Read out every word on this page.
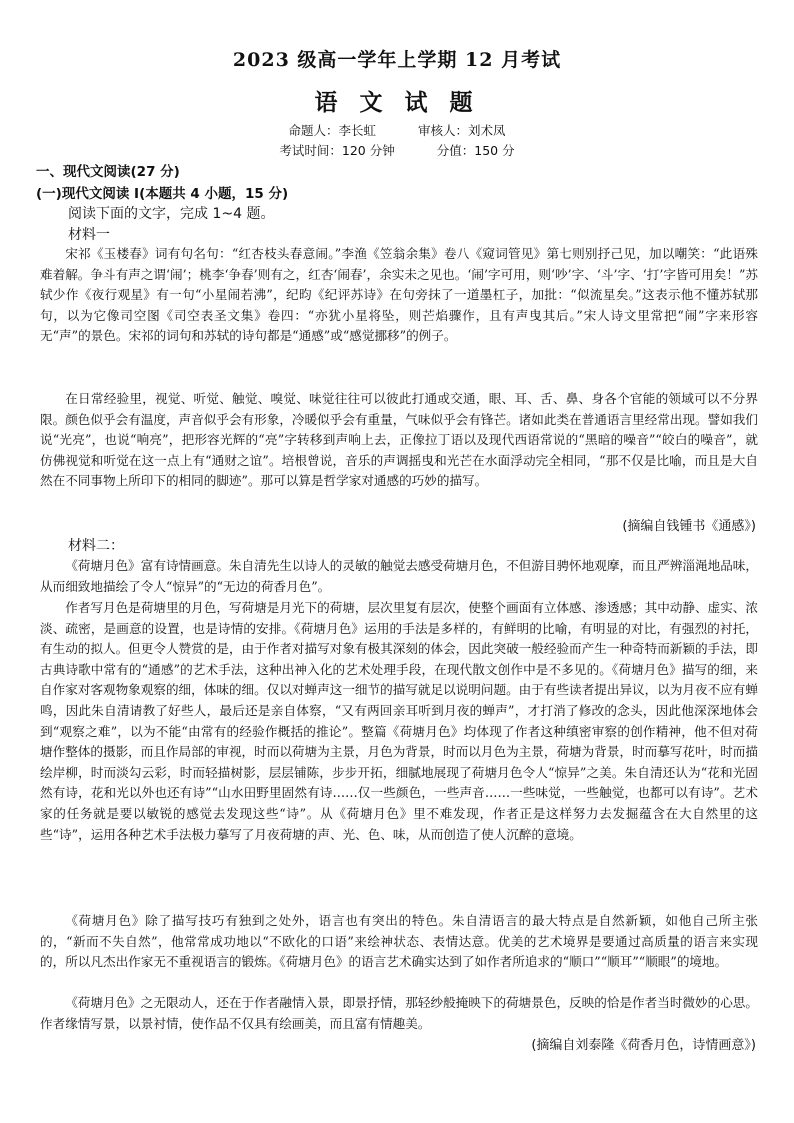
2023 级高一学年上学期 12 月考试
语 文 试 题
命题人：李长虹	审核人：刘术凤
考试时间：120 分钟	分值：150 分
一、现代文阅读(27 分)
(一)现代文阅读 I(本题共 4 小题，15 分)
阅读下面的文字，完成 1~4 题。
材料一

宋祁《玉楼春》词有句名句：“红杏枝头春意闹。”李渔《笠翁余集》卷八《窥词管见》第七则别抒己见，加以嘲笑：“此语殊难着解。争斗有声之谓‘闹’；桃李‘争春’则有之，红杏‘闹春’，余实未之见也。‘闹’字可用，则‘吵’字、‘斗’字、‘打’字皆可用矣！”苏轼少作《夜行观星》有一句“小星闹若沸”，纪昀《纪评苏诗》在句旁抹了一道墨杠子，加批：“似流星矣。”这表示他不懂苏轼那句，以为它像司空图《司空表圣文集》卷四：“亦犹小星将坠，则芒焰骤作，且有声曳其后。”宋人诗文里常把“闹”字来形容无“声”的景色。宋祁的词句和苏轼的诗句都是“通感”或“感觉挪移”的例子。

在日常经验里，视觉、听觉、触觉、嗅觉、味觉往往可以彼此打通或交通，眼、耳、舌、鼻、身各个官能的领域可以不分界限。颜色似乎会有温度，声音似乎会有形象，冷暖似乎会有重量，气味似乎会有锋芒。诸如此类在普通语言里经常出现。譬如我们说“光亮”，也说“响亮”，把形容光辉的“亮”字转移到声响上去，正像拉丁语以及现代西语常说的“黑暗的噪音”“皎白的噪音”，就仿佛视觉和听觉在这一点上有“通财之谊”。培根曾说，音乐的声调摇曳和光芒在水面浮动完全相同，“那不仅是比喻，而且是大自然在不同事物上所印下的相同的脚迹”。那可以算是哲学家对通感的巧妙的描写。

(摘编自钱锺书《通感》)
材料二：

《荷塘月色》富有诗情画意。朱自清先生以诗人的灵敏的触觉去感受荷塘月色，不但游目骋怀地观摩，而且严辨淄渑地品味，从而细致地描绘了令人“惊异”的“无边的荷香月色”。

作者写月色是荷塘里的月色，写荷塘是月光下的荷塘，层次里复有层次，使整个画面有立体感、渗透感；其中动静、虚实、浓淡、疏密，是画意的设置，也是诗情的安排。《荷塘月色》运用的手法是多样的，有鲜明的比喻，有明显的对比，有强烈的衬托，有生动的拟人。但更令人赞赏的是，由于作者对描写对象有极其深刻的体会，因此突破一般经验而产生一种奇特而新颖的手法，即古典诗歌中常有的“通感”的艺术手法，这种出神入化的艺术处理手段，在现代散文创作中是不多见的。《荷塘月色》描写的细，来自作家对客观物象观察的细，体味的细。仅以对蝉声这一细节的描写就足以说明问题。由于有些读者提出异议，以为月夜不应有蝉鸣，因此朱自清请教了好些人，最后还是亲自体察，“又有两回亲耳听到月夜的蝉声”，才打消了修改的念头，因此他深深地体会到“观察之难”，以为不能“由常有的经验作概括的推论”。整篇《荷塘月色》均体现了作者这种缜密审察的创作精神，他不但对荷塘作整体的摄影，而且作局部的审视，时而以荷塘为主景，月色为背景，时而以月色为主景，荷塘为背景，时而摹写花叶，时而描绘岸柳，时而淡勾云彩，时而轻描树影，层层铺陈，步步开拓，细腻地展现了荷塘月色令人“惊异”之美。朱自清还认为“花和光固然有诗，花和光以外也还有诗”“山水田野里固然有诗……仅一些颜色，一些声音……一些味觉，一些触觉，也都可以有诗”。艺术家的任务就是要以敏锐的感觉去发现这些“诗”。从《荷塘月色》里不难发现，作者正是这样努力去发掘蕴含在大自然里的这些“诗”，运用各种艺术手法极力摹写了月夜荷塘的声、光、色、味，从而创造了使人沉醉的意境。

《荷塘月色》除了描写技巧有独到之处外，语言也有突出的特色。朱自清语言的最大特点是自然新颖，如他自己所主张的，“新而不失自然”，他常常成功地以“不欧化的口语”来绘神状态、表情达意。优美的艺术境界是要通过高质量的语言来实现的，所以凡杰出作家无不重视语言的锻炼。《荷塘月色》的语言艺术确实达到了如作者所追求的“顺口”“顺耳”“顺眼”的境地。

《荷塘月色》之无限动人，还在于作者融情入景，即景抒情，那轻纱般掩映下的荷塘景色，反映的恰是作者当时微妙的心思。作者缘情写景，以景衬情，使作品不仅具有绘画美，而且富有情趣美。

(摘编自刘泰隆《荷香月色，诗情画意》)
